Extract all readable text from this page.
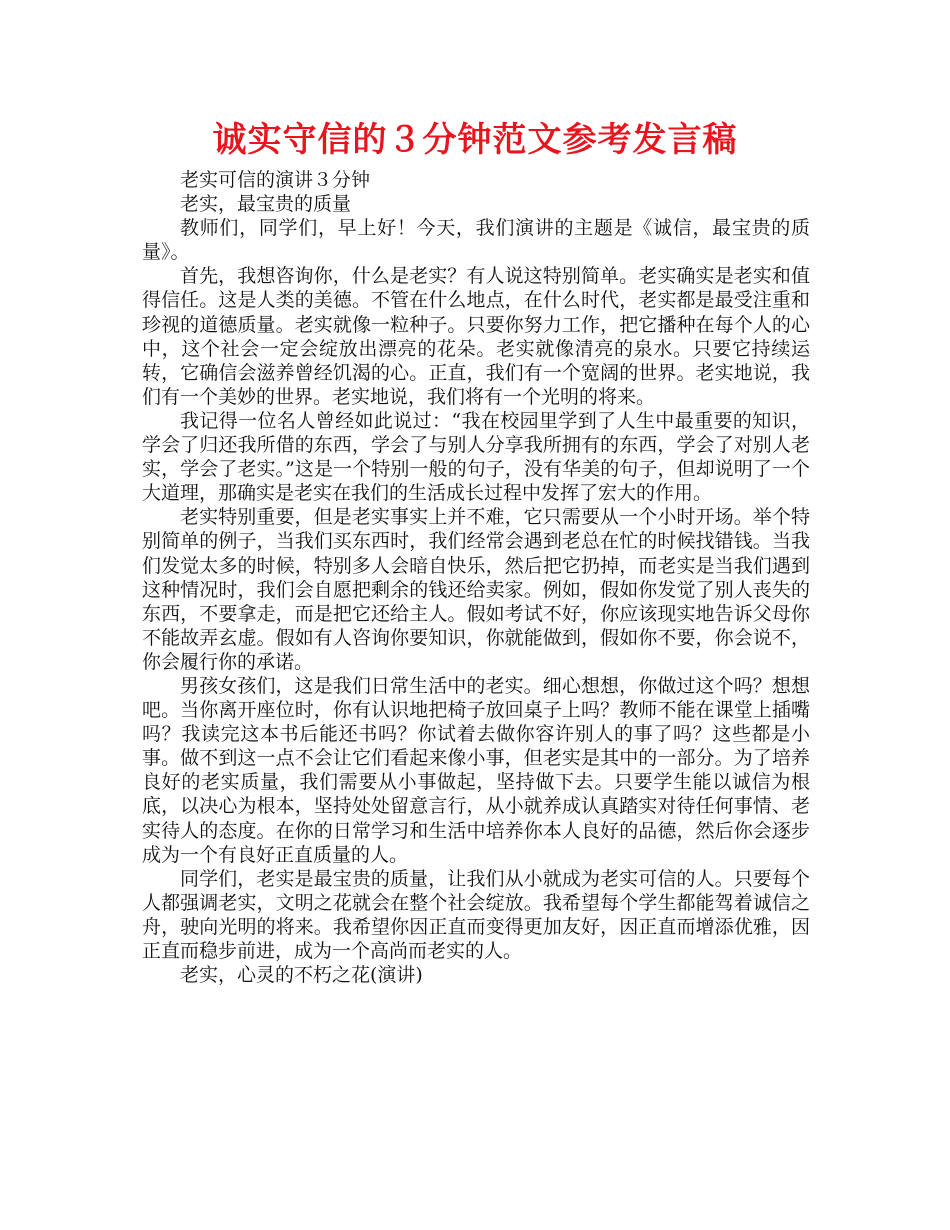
诚实守信的３分钟范文参考发言稿

老实可信的演讲３分钟

老实，最宝贵的质量

教师们，同学们，早上好！今天，我们演讲的主题是《诚信，最宝贵的质量》。

首先，我想咨询你，什么是老实？有人说这特别简单。老实确实是老实和值得信任。这是人类的美德。不管在什么地点，在什么时代，老实都是最受注重和珍视的道德质量。老实就像一粒种子。只要你努力工作，把它播种在每个人的心中，这个社会一定会绽放出漂亮的花朵。老实就像清亮的泉水。只要它持续运转，它确信会滋养曾经饥渴的心。正直，我们有一个宽阔的世界。老实地说，我们有一个美妙的世界。老实地说，我们将有一个光明的将来。

我记得一位名人曾经如此说过：“我在校园里学到了人生中最重要的知识，学会了归还我所借的东西，学会了与别人分享我所拥有的东西，学会了对别人老实，学会了老实。”这是一个特别一般的句子，没有华美的句子，但却说明了一个大道理，那确实是老实在我们的生活成长过程中发挥了宏大的作用。

老实特别重要，但是老实事实上并不难，它只需要从一个小时开场。举个特别简单的例子，当我们买东西时，我们经常会遇到老总在忙的时候找错钱。当我们发觉太多的时候，特别多人会暗自快乐，然后把它扔掉，而老实是当我们遇到这种情况时，我们会自愿把剩余的钱还给卖家。例如，假如你发觉了别人丧失的东西，不要拿走，而是把它还给主人。假如考试不好，你应该现实地告诉父母你不能故弄玄虚。假如有人咨询你要知识，你就能做到，假如你不要，你会说不，你会履行你的承诺。

男孩女孩们，这是我们日常生活中的老实。细心想想，你做过这个吗？想想吧。当你离开座位时，你有认识地把椅子放回桌子上吗？教师不能在课堂上插嘴吗？我读完这本书后能还书吗？你试着去做你容许别人的事了吗？这些都是小事。做不到这一点不会让它们看起来像小事，但老实是其中的一部分。为了培养良好的老实质量，我们需要从小事做起，坚持做下去。只要学生能以诚信为根底，以决心为根本，坚持处处留意言行，从小就养成认真踏实对待任何事情、老实待人的态度。在你的日常学习和生活中培养你本人良好的品德，然后你会逐步成为一个有良好正直质量的人。

同学们，老实是最宝贵的质量，让我们从小就成为老实可信的人。只要每个人都强调老实，文明之花就会在整个社会绽放。我希望每个学生都能驾着诚信之舟，驶向光明的将来。我希望你因正直而变得更加友好，因正直而增添优雅，因正直而稳步前进，成为一个高尚而老实的人。

老实，心灵的不朽之花(演讲)
